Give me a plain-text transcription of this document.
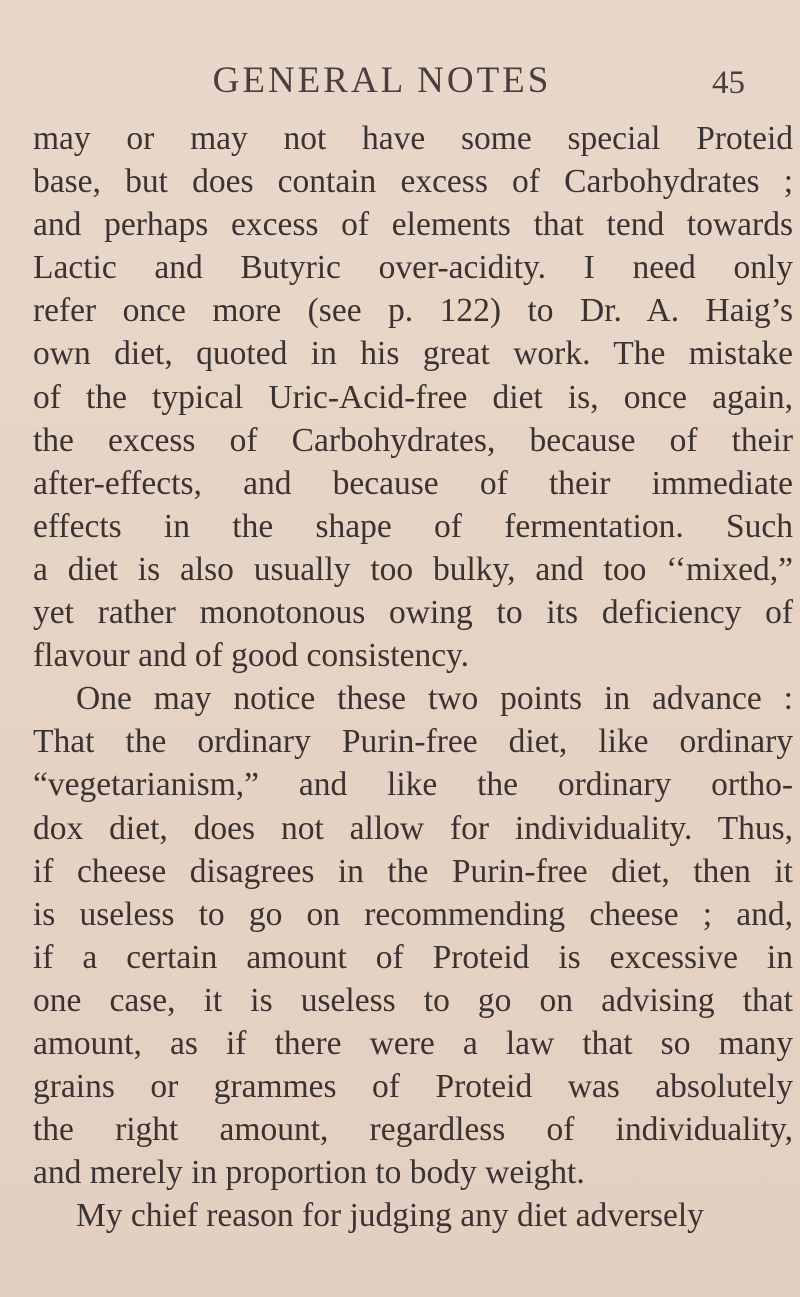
GENERAL NOTES	45
may or may not have some special Proteid
base, but does contain excess of Carbohydrates ;
and perhaps excess of elements that tend towards
Lactic and Butyric over-acidity. I need only
refer once more (see p. 122) to Dr. A. Haig’s
own diet, quoted in his great work. The mistake
of the typical Uric-Acid-free diet is, once again,
the excess of Carbohydrates, because of their
after-effects, and because of their immediate
effects in the shape of fermentation. Such
a diet is also usually too bulky, and too ‘‘mixed,”
yet rather monotonous owing to its deficiency of
flavour and of good consistency.
One may notice these two points in advance :
That the ordinary Purin-free diet, like ordinary
“vegetarianism,” and like the ordinary ortho-
dox diet, does not allow for individuality. Thus,
if cheese disagrees in the Purin-free diet, then it
is useless to go on recommending cheese ; and,
if a certain amount of Proteid is excessive in
one case, it is useless to go on advising that
amount, as if there were a law that so many
grains or grammes of Proteid was absolutely
the right amount, regardless of individuality,
and merely in proportion to body weight.
My chief reason for judging any diet adversely
